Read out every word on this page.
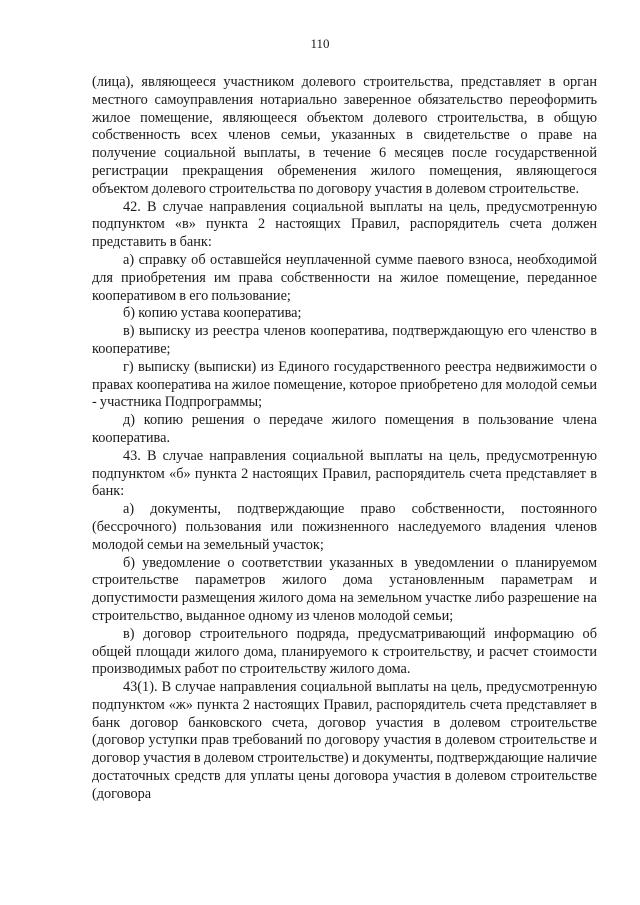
110

(лица), являющееся участником долевого строительства, представляет в орган местного самоуправления нотариально заверенное обязательство переоформить жилое помещение, являющееся объектом долевого строительства, в общую собственность всех членов семьи, указанных в свидетельстве о праве на получение социальной выплаты, в течение 6 месяцев после государственной регистрации прекращения обременения жилого помещения, являющегося объектом долевого строительства по договору участия в долевом строительстве.

42. В случае направления социальной выплаты на цель, предусмотренную подпунктом «в» пункта 2 настоящих Правил, распорядитель счета должен представить в банк:

а) справку об оставшейся неуплаченной сумме паевого взноса, необходимой для приобретения им права собственности на жилое помещение, переданное кооперативом в его пользование;

б) копию устава кооператива;

в) выписку из реестра членов кооператива, подтверждающую его членство в кооперативе;

г) выписку (выписки) из Единого государственного реестра недвижимости о правах кооператива на жилое помещение, которое приобретено для молодой семьи - участника Подпрограммы;

д) копию решения о передаче жилого помещения в пользование члена кооператива.

43. В случае направления социальной выплаты на цель, предусмотренную подпунктом «б» пункта 2 настоящих Правил, распорядитель счета представляет в банк:

а) документы, подтверждающие право собственности, постоянного (бессрочного) пользования или пожизненного наследуемого владения членов молодой семьи на земельный участок;

б) уведомление о соответствии указанных в уведомлении о планируемом строительстве параметров жилого дома установленным параметрам и допустимости размещения жилого дома на земельном участке либо разрешение на строительство, выданное одному из членов молодой семьи;

в) договор строительного подряда, предусматривающий информацию об общей площади жилого дома, планируемого к строительству, и расчет стоимости производимых работ по строительству жилого дома.

43(1). В случае направления социальной выплаты на цель, предусмотренную подпунктом «ж» пункта 2 настоящих Правил, распорядитель счета представляет в банк договор банковского счета, договор участия в долевом строительстве (договор уступки прав требований по договору участия в долевом строительстве и договор участия в долевом строительстве) и документы, подтверждающие наличие достаточных средств для уплаты цены договора участия в долевом строительстве (договора
